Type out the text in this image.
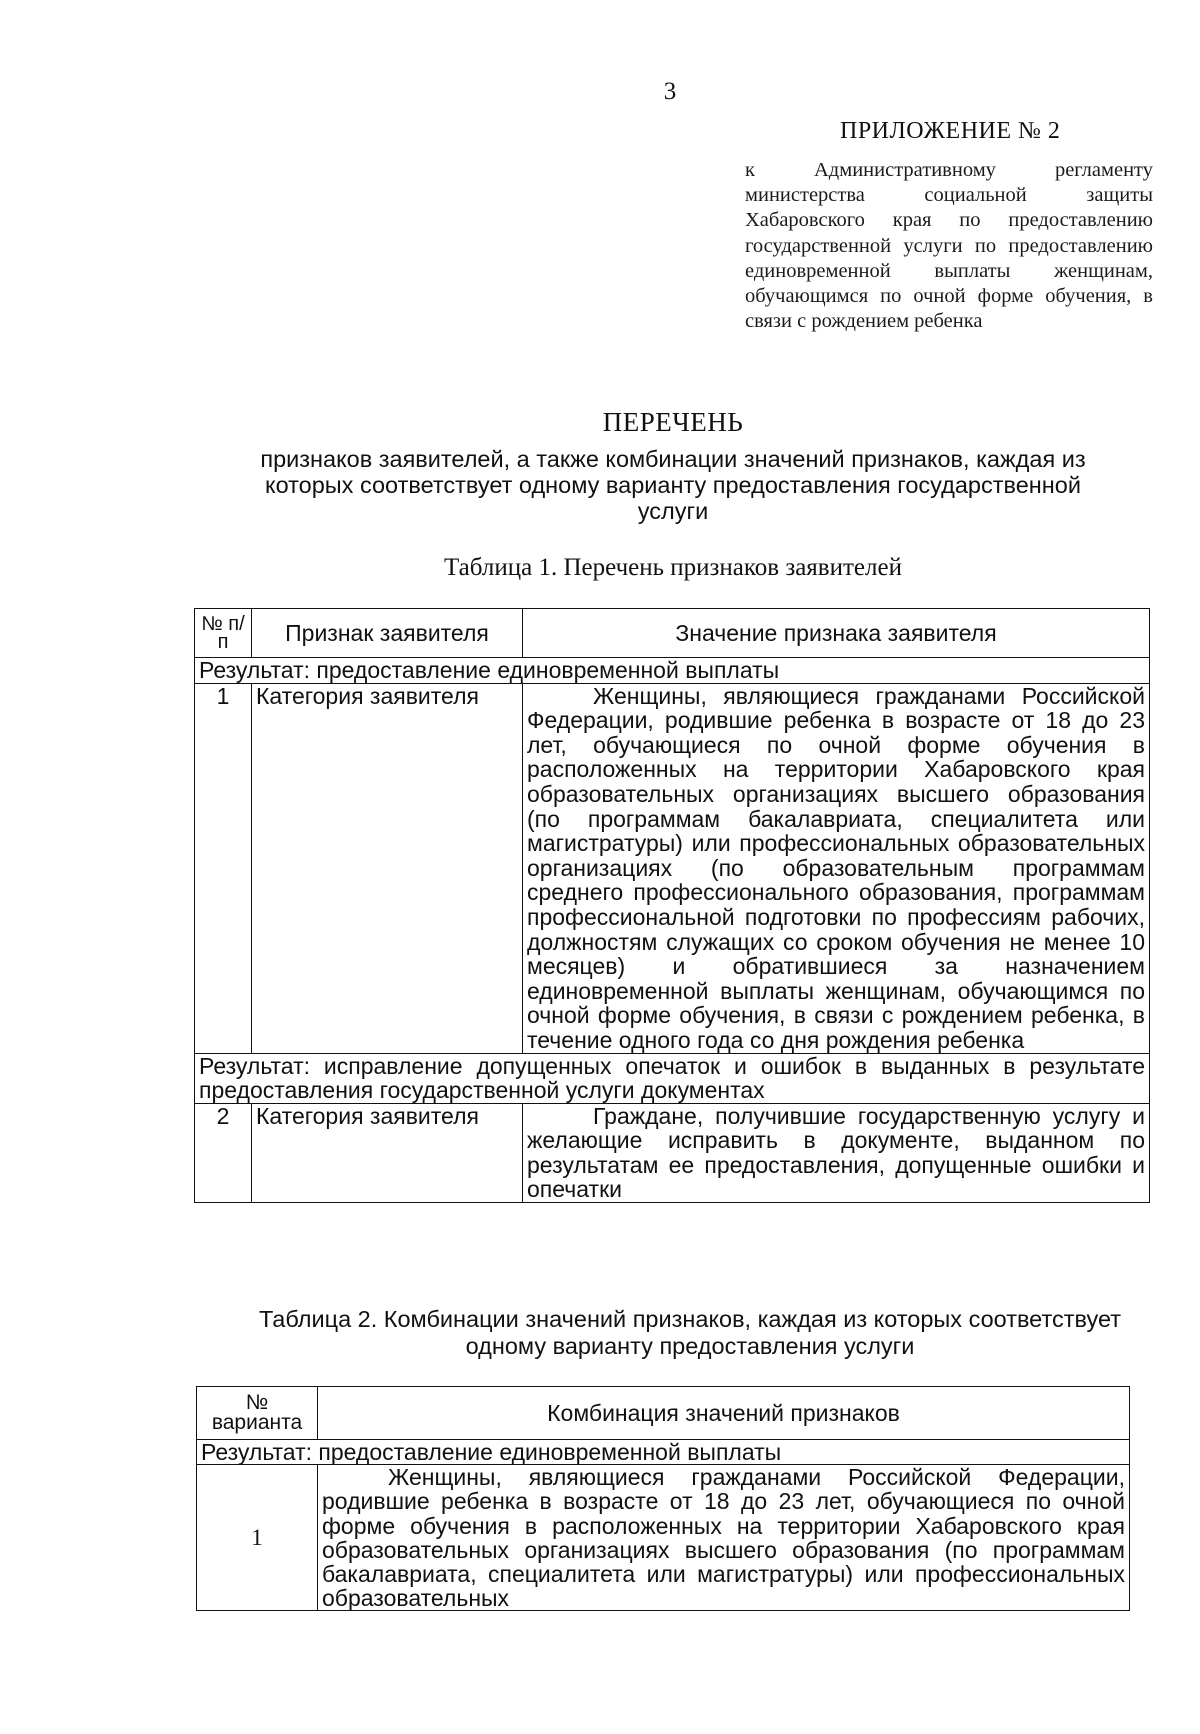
3
ПРИЛОЖЕНИЕ № 2
к Административному регламенту министерства социальной защиты Хабаровского края по предоставлению государственной услуги по предоставлению единовременной выплаты женщинам, обучающимся по очной форме обучения, в связи с рождением ребенка
ПЕРЕЧЕНЬ
признаков заявителей, а также комбинации значений признаков, каждая из которых соответствует одному варианту предоставления государственной услуги
Таблица 1. Перечень признаков заявителей
№ п/п	Признак заявителя	Значение признака заявителя
Результат: предоставление единовременной выплаты		
1	Категория заявителя	Женщины, являющиеся гражданами Российской Федерации, родившие ребенка в возрасте от 18 до 23 лет, обучающиеся по очной форме обучения в расположенных на территории Хабаровского края образовательных организациях высшего образования (по программам бакалавриата, специалитета или магистратуры) или профессиональных образовательных организациях (по образовательным программам среднего профессионального образования, программам профессиональной подготовки по профессиям рабочих, должностям служащих со сроком обучения не менее 10 месяцев) и обратившиеся за назначением единовременной выплаты женщинам, обучающимся по очной форме обучения, в связи с рождением ребенка, в течение одного года со дня рождения ребенка
Результат: исправление допущенных опечаток и ошибок в выданных в результате предоставления государственной услуги документах		
2	Категория заявителя	Граждане, получившие государственную услугу и желающие исправить в документе, выданном по результатам ее предоставления, допущенные ошибки и опечатки
Таблица 2. Комбинации значений признаков, каждая из которых соответствует одному варианту предоставления услуги
№ варианта	Комбинация значений признаков
Результат: предоставление единовременной выплаты	
1	Женщины, являющиеся гражданами Российской Федерации, родившие ребенка в возрасте от 18 до 23 лет, обучающиеся по очной форме обучения в расположенных на территории Хабаровского края образовательных организациях высшего образования (по программам бакалавриата, специалитета или магистратуры) или профессиональных образовательных
